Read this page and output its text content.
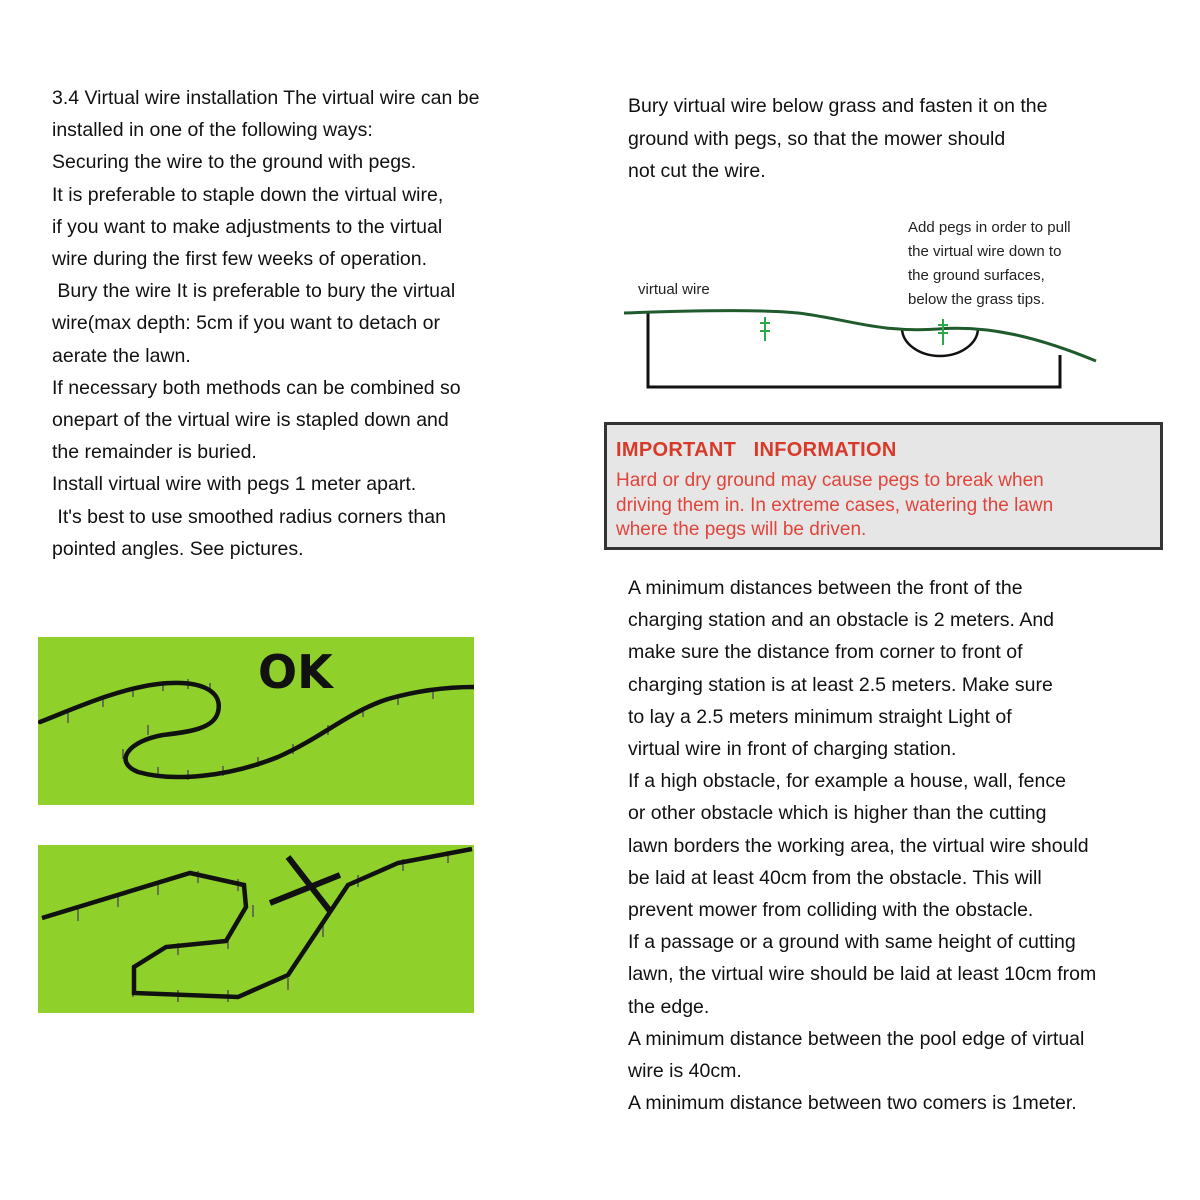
3.4 Virtual wire installation The virtual wire can be
installed in one of the following ways:
Securing the wire to the ground with pegs.
It is preferable to staple down the virtual wire,
if you want to make adjustments to the virtual
wire during the first few weeks of operation.
Bury the wire It is preferable to bury the virtual
wire(max depth: 5cm if you want to detach or
aerate the lawn.
If necessary both methods can be combined so
onepart of the virtual wire is stapled down and
the remainder is buried.
Install virtual wire with pegs 1 meter apart.
It's best to use smoothed radius corners than
pointed angles. See pictures.
OK
Bury virtual wire below grass and fasten it on the
ground with pegs, so that the mower should
not cut the wire.
virtual wire
Add pegs in order to pull
the virtual wire down to
the ground surfaces,
below the grass tips.
IMPORTANT   INFORMATION
Hard or dry ground may cause pegs to break when
driving them in. In extreme cases, watering the lawn
where the pegs will be driven.
A minimum distances between the front of the
charging station and an obstacle is 2 meters. And
make sure the distance from corner to front of
charging station is at least 2.5 meters. Make sure
to lay a 2.5 meters minimum straight Light of
virtual wire in front of charging station.
If a high obstacle, for example a house, wall, fence
or other obstacle which is higher than the cutting
lawn borders the working area, the virtual wire should
be laid at least 40cm from the obstacle. This will
prevent mower from colliding with the obstacle.
If a passage or a ground with same height of cutting
lawn, the virtual wire should be laid at least 10cm from
the edge.
A minimum distance between the pool edge of virtual
wire is 40cm.
A minimum distance between two comers is 1meter.
